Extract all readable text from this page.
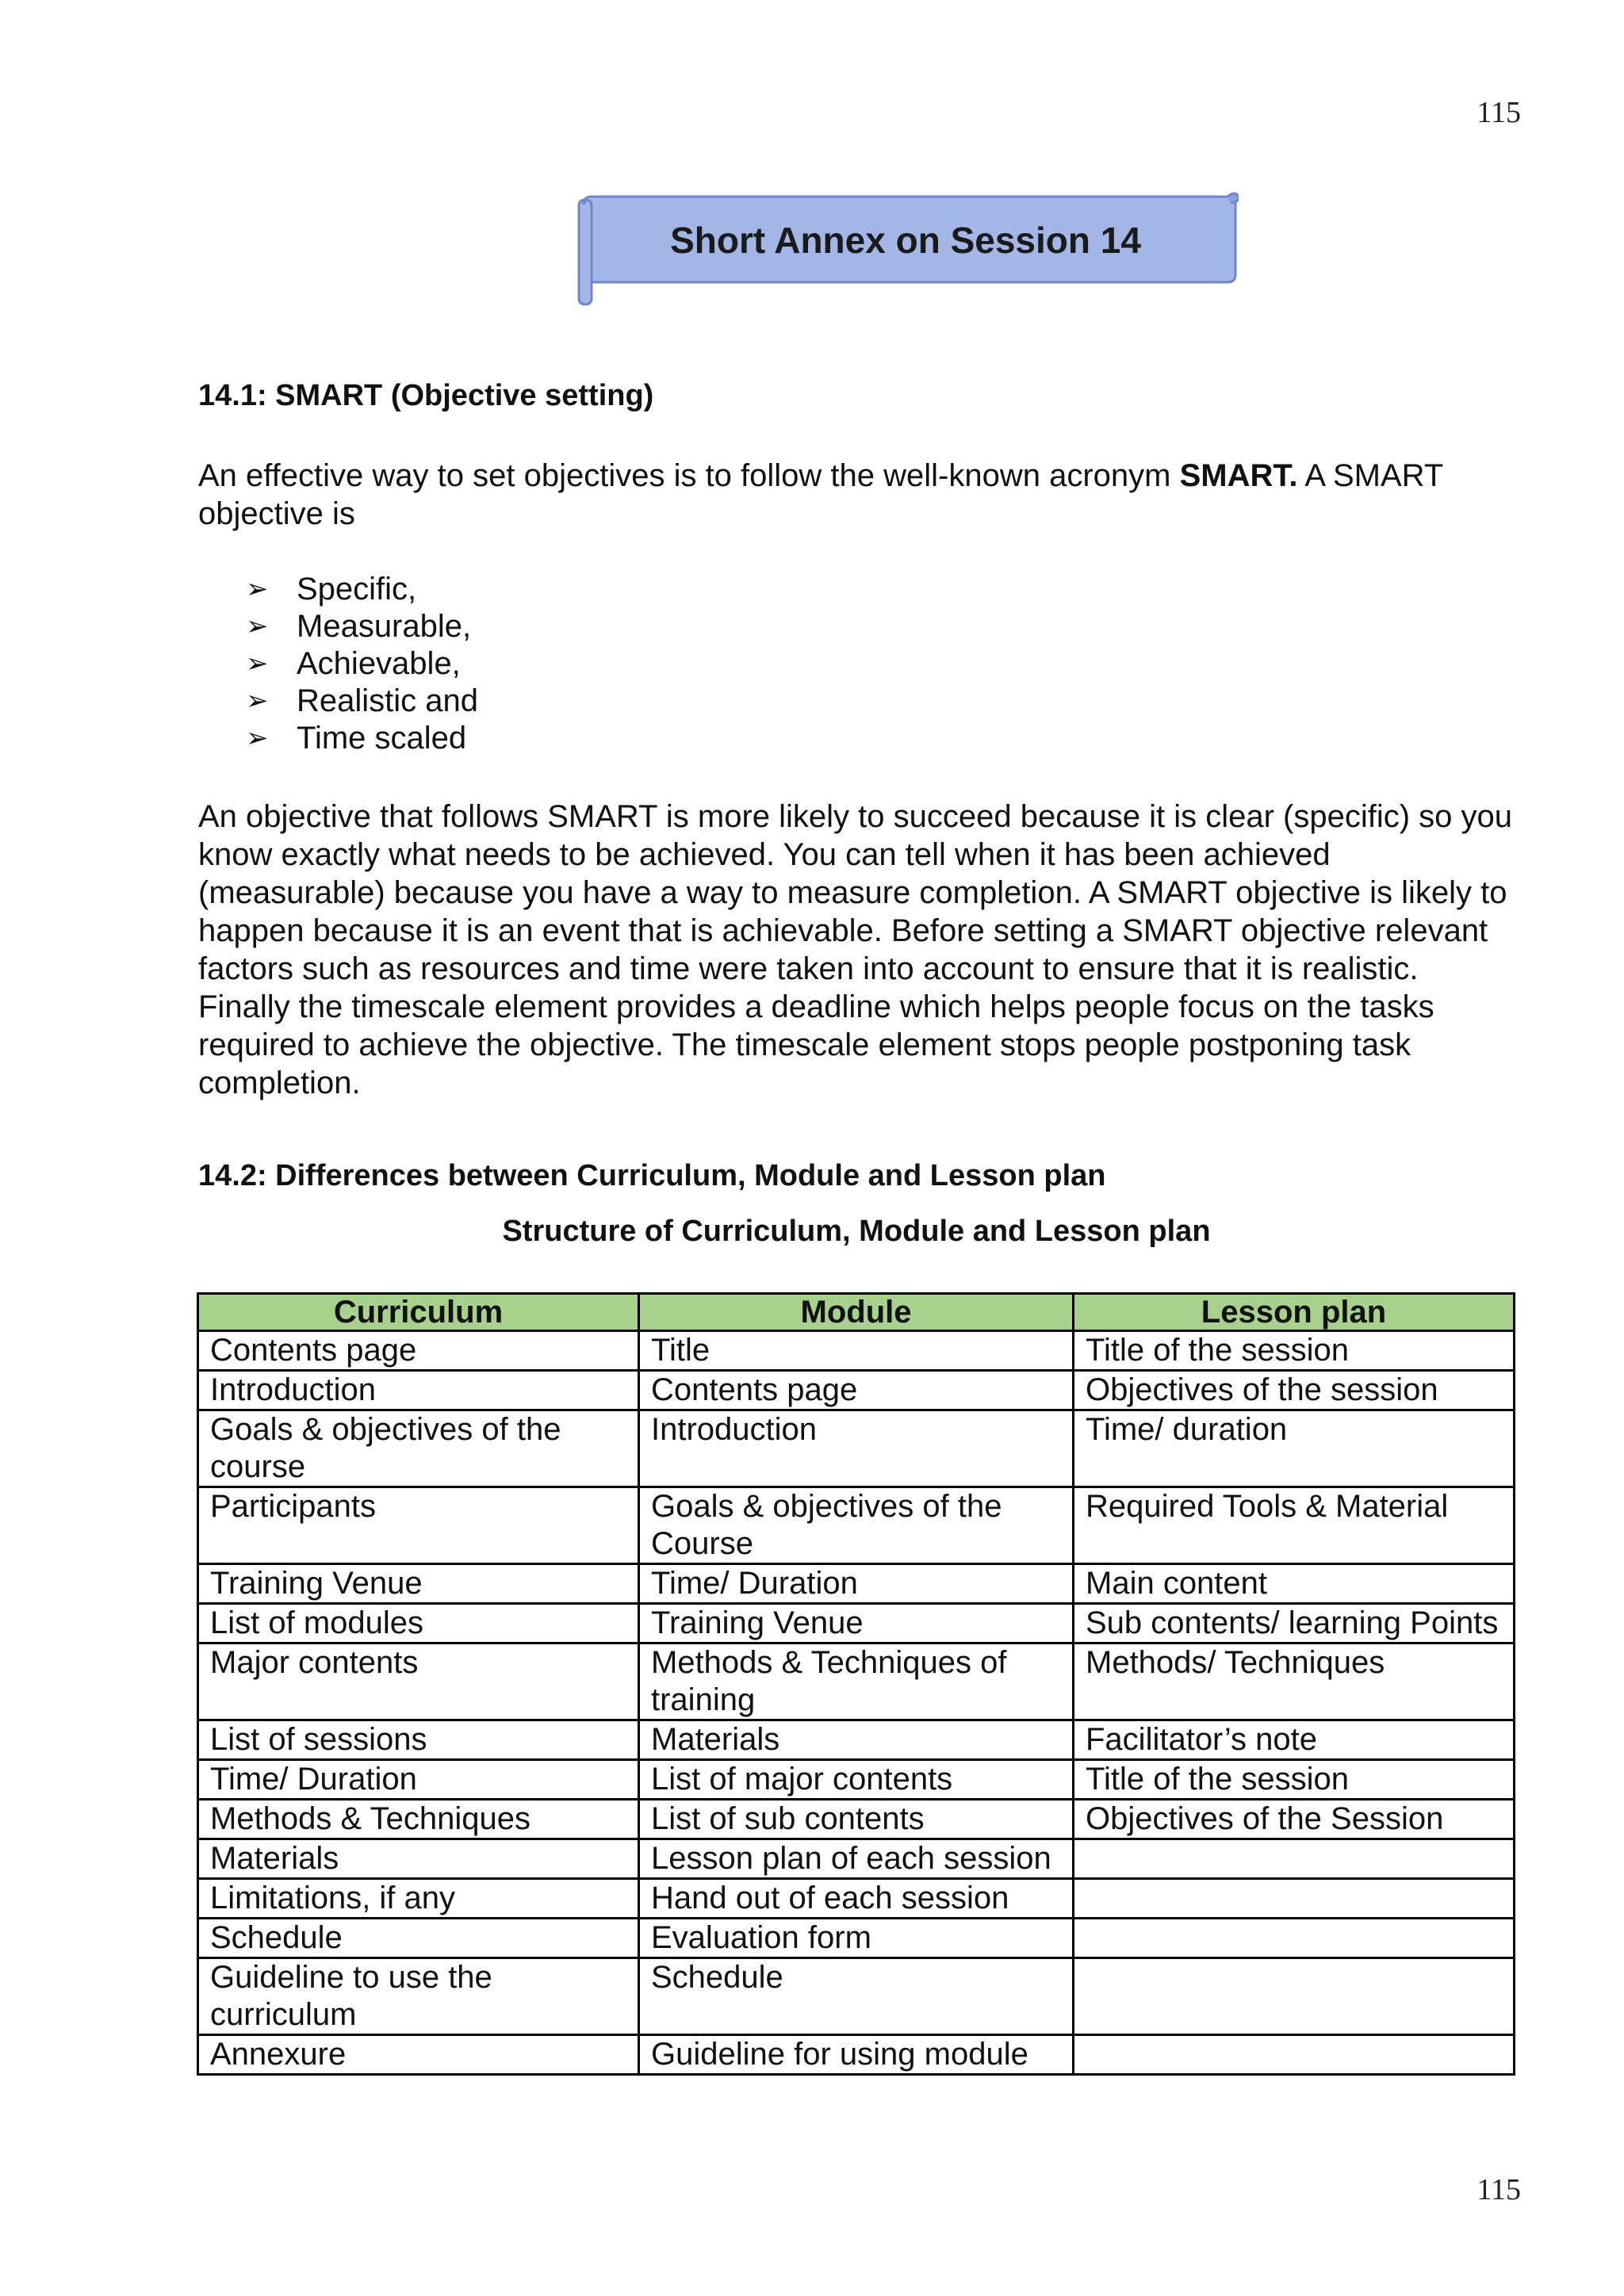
115
Short Annex on Session 14

14.1: SMART (Objective setting)

An effective way to set objectives is to follow the well-known acronym SMART. A SMART objective is

➢ Specific,
➢ Measurable,
➢ Achievable,
➢ Realistic and
➢ Time scaled

An objective that follows SMART is more likely to succeed because it is clear (specific) so you know exactly what needs to be achieved. You can tell when it has been achieved (measurable) because you have a way to measure completion. A SMART objective is likely to happen because it is an event that is achievable. Before setting a SMART objective relevant factors such as resources and time were taken into account to ensure that it is realistic. Finally the timescale element provides a deadline which helps people focus on the tasks required to achieve the objective. The timescale element stops people postponing task completion.

14.2: Differences between Curriculum, Module and Lesson plan

Structure of Curriculum, Module and Lesson plan
Curriculum	Module	Lesson plan
Contents page	Title	Title of the session
Introduction	Contents page	Objectives of the session
Goals & objectives of the course	Introduction	Time/ duration
Participants	Goals & objectives of the Course	Required Tools & Material
Training Venue	Time/ Duration	Main content
List of modules	Training Venue	Sub contents/ learning Points
Major contents	Methods & Techniques of training	Methods/ Techniques
List of sessions	Materials	Facilitator’s note
Time/ Duration	List of major contents	Title of the session
Methods & Techniques	List of sub contents	Objectives of the Session
Materials	Lesson plan of each session	
Limitations, if any	Hand out of each session	
Schedule	Evaluation form	
Guideline to use the curriculum	Schedule	
Annexure	Guideline for using module	
115
